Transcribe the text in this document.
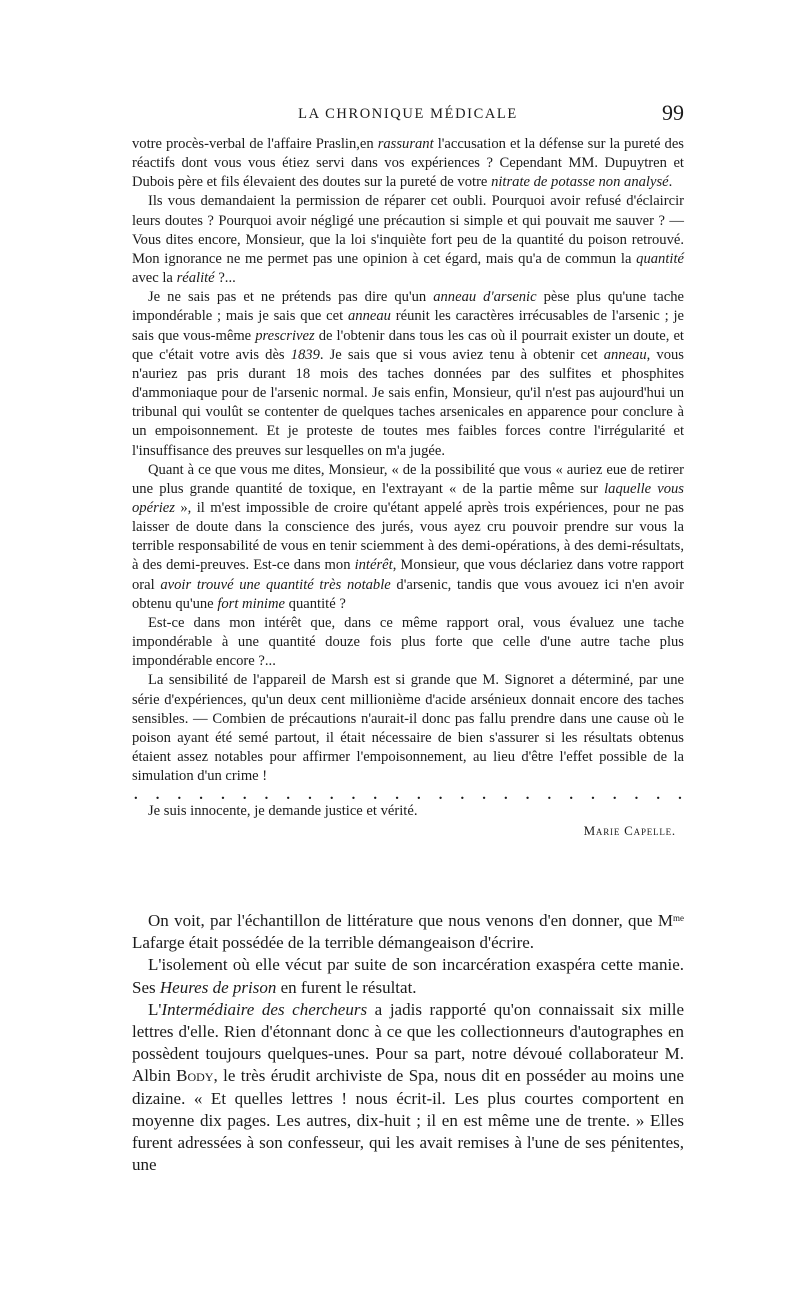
LA CHRONIQUE MÉDICALE	99

votre procès-verbal de l'affaire Praslin,en rassurant l'accusation et la défense sur la pureté des réactifs dont vous vous étiez servi dans vos expériences ? Cependant MM. Dupuytren et Dubois père et fils élevaient des doutes sur la pureté de votre nitrate de potasse non analysé.

Ils vous demandaient la permission de réparer cet oubli. Pourquoi avoir refusé d'éclaircir leurs doutes ? Pourquoi avoir négligé une précaution si simple et qui pouvait me sauver ? — Vous dites encore, Monsieur, que la loi s'inquiète fort peu de la quantité du poison retrouvé. Mon ignorance ne me permet pas une opinion à cet égard, mais qu'a de commun la quantité avec la réalité ?...

Je ne sais pas et ne prétends pas dire qu'un anneau d'arsenic pèse plus qu'une tache impondérable ; mais je sais que cet anneau réunit les caractères irrécusables de l'arsenic ; je sais que vous-même prescrivez de l'obtenir dans tous les cas où il pourrait exister un doute, et que c'était votre avis dès 1839. Je sais que si vous aviez tenu à obtenir cet anneau, vous n'auriez pas pris durant 18 mois des taches données par des sulfites et phosphites d'ammoniaque pour de l'arsenic normal. Je sais enfin, Monsieur, qu'il n'est pas aujourd'hui un tribunal qui voulût se contenter de quelques taches arsenicales en apparence pour conclure à un empoisonnement. Et je proteste de toutes mes faibles forces contre l'irrégularité et l'insuffisance des preuves sur lesquelles on m'a jugée.

Quant à ce que vous me dites, Monsieur, « de la possibilité que vous « auriez eue de retirer une plus grande quantité de toxique, en l'extrayant « de la partie même sur laquelle vous opériez », il m'est impossible de croire qu'étant appelé après trois expériences, pour ne pas laisser de doute dans la conscience des jurés, vous ayez cru pouvoir prendre sur vous la terrible responsabilité de vous en tenir sciemment à des demi-opérations, à des demi-résultats, à des demi-preuves. Est-ce dans mon intérêt, Monsieur, que vous déclariez dans votre rapport oral avoir trouvé une quantité très notable d'arsenic, tandis que vous avouez ici n'en avoir obtenu qu'une fort minime quantité ?

Est-ce dans mon intérêt que, dans ce même rapport oral, vous évaluez une tache impondérable à une quantité douze fois plus forte que celle d'une autre tache plus impondérable encore ?...

La sensibilité de l'appareil de Marsh est si grande que M. Signoret a déterminé, par une série d'expériences, qu'un deux cent millionième d'acide arsénieux donnait encore des taches sensibles. — Combien de précautions n'aurait-il donc pas fallu prendre dans une cause où le poison ayant été semé partout, il était nécessaire de bien s'assurer si les résultats obtenus étaient assez notables pour affirmer l'empoisonnement, au lieu d'être l'effet possible de la simulation d'un crime !

. . . . . . . . . . . . . . . . . . . . . . . . . .

Je suis innocente, je demande justice et vérité.

Marie Capelle.

On voit, par l'échantillon de littérature que nous venons d'en donner, que $M^{me}$ Lafarge était possédée de la terrible démangeaison d'écrire.

L'isolement où elle vécut par suite de son incarcération exaspéra cette manie. Ses Heures de prison en furent le résultat.

L'Intermédiaire des chercheurs a jadis rapporté qu'on connaissait six mille lettres d'elle. Rien d'étonnant donc à ce que les collectionneurs d'autographes en possèdent toujours quelques-unes. Pour sa part, notre dévoué collaborateur M. Albin Body, le très érudit archiviste de Spa, nous dit en posséder au moins une dizaine. « Et quelles lettres ! nous écrit-il. Les plus courtes comportent en moyenne dix pages. Les autres, dix-huit ; il en est même une de trente. » Elles furent adressées à son confesseur, qui les avait remises à l'une de ses pénitentes, une
